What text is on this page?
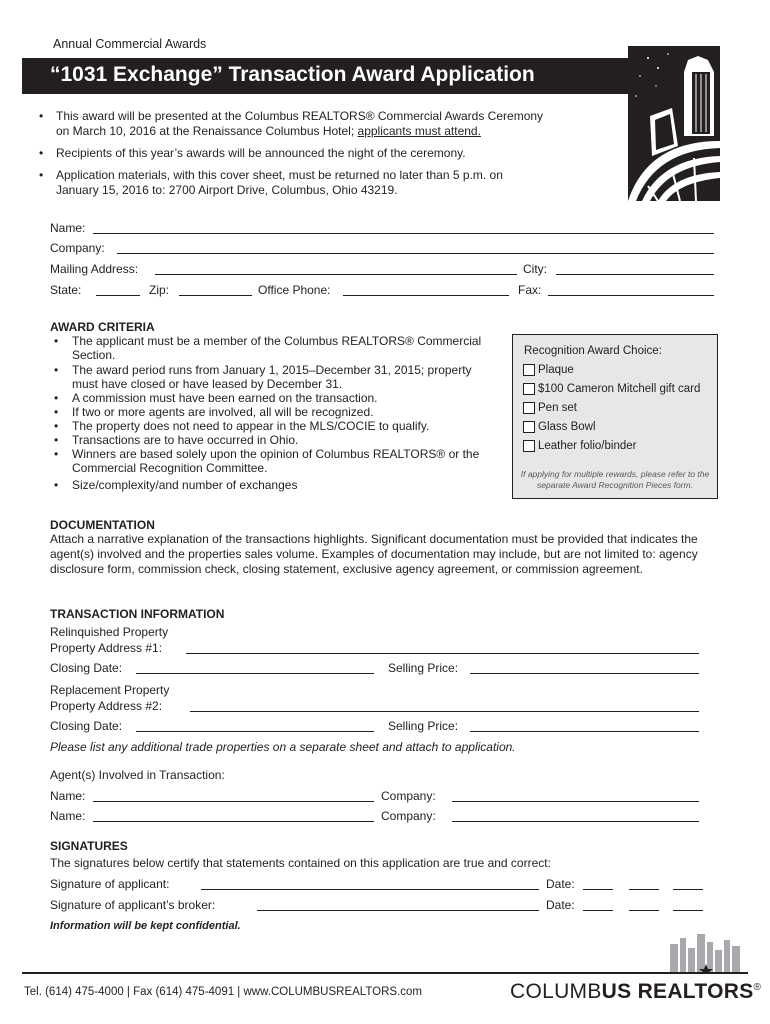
Annual Commercial Awards
“1031 Exchange” Transaction Award Application
• This award will be presented at the Columbus REALTORS® Commercial Awards Ceremony
on March 10, 2016 at the Renaissance Columbus Hotel; applicants must attend.
• Recipients of this year’s awards will be announced the night of the ceremony.
• Application materials, with this cover sheet, must be returned no later than 5 p.m. on
January 15, 2016 to: 2700 Airport Drive, Columbus, Ohio 43219.
Name:
Company:
Mailing Address:	City:
State:	Zip:	Office Phone:	Fax:
AWARD CRITERIA
• The applicant must be a member of the Columbus REALTORS® Commercial Section.
• The award period runs from January 1, 2015–December 31, 2015; property must have closed or have leased by December 31.
• A commission must have been earned on the transaction.
• If two or more agents are involved, all will be recognized.
• The property does not need to appear in the MLS/COCIE to qualify.
• Transactions are to have occurred in Ohio.
• Winners are based solely upon the opinion of Columbus REALTORS® or the Commercial Recognition Committee.
• Size/complexity/and number of exchanges
Recognition Award Choice:
Plaque
$100 Cameron Mitchell gift card
Pen set
Glass Bowl
Leather folio/binder
If applying for multiple rewards, please refer to the separate Award Recognition Pieces form.
DOCUMENTATION
Attach a narrative explanation of the transactions highlights. Significant documentation must be provided that indicates the agent(s) involved and the properties sales volume. Examples of documentation may include, but are not limited to: agency disclosure form, commission check, closing statement, exclusive agency agreement, or commission agreement.
TRANSACTION INFORMATION
Relinquished Property
Property Address #1:
Closing Date:	Selling Price:
Replacement Property
Property Address #2:
Closing Date:	Selling Price:
Please list any additional trade properties on a separate sheet and attach to application.
Agent(s) Involved in Transaction:
Name:	Company:
Name:	Company:
SIGNATURES
The signatures below certify that statements contained on this application are true and correct:
Signature of applicant:	Date:
Signature of applicant’s broker:	Date:
Information will be kept confidential.
Tel. (614) 475-4000 | Fax (614) 475-4091 | www.COLUMBUSREALTORS.com	COLUMBUS REALTORS®
